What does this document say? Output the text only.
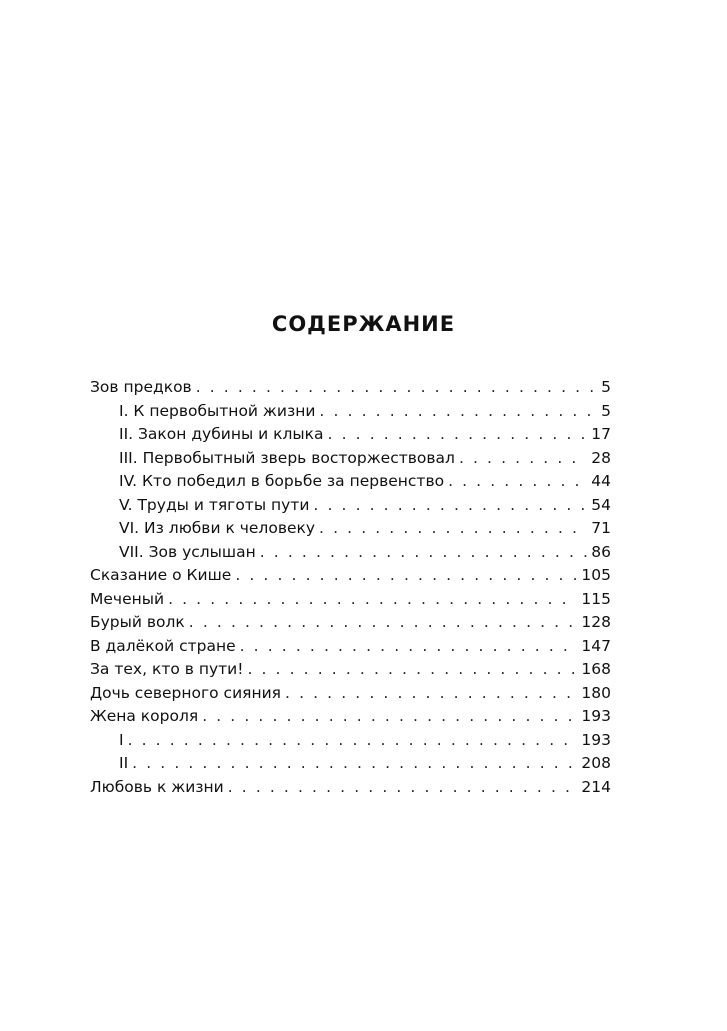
СОДЕРЖАНИЕ
Зов предков . . .	5
I. К первобытной жизни . . .	5
II. Закон дубины и клыка . . .	17
III. Первобытный зверь восторжествовал . . .	28
IV. Кто победил в борьбе за первенство . . .	44
V. Труды и тяготы пути . . .	54
VI. Из любви к человеку . . .	71
VII. Зов услышан . . .	86
Сказание о Кише . . .	105
Меченый . . .	115
Бурый волк . . .	128
В далёкой стране . . .	147
За тех, кто в пути! . . .	168
Дочь северного сияния . . .	180
Жена короля . . .	193
I . . .	193
II . . .	208
Любовь к жизни . . .	214
